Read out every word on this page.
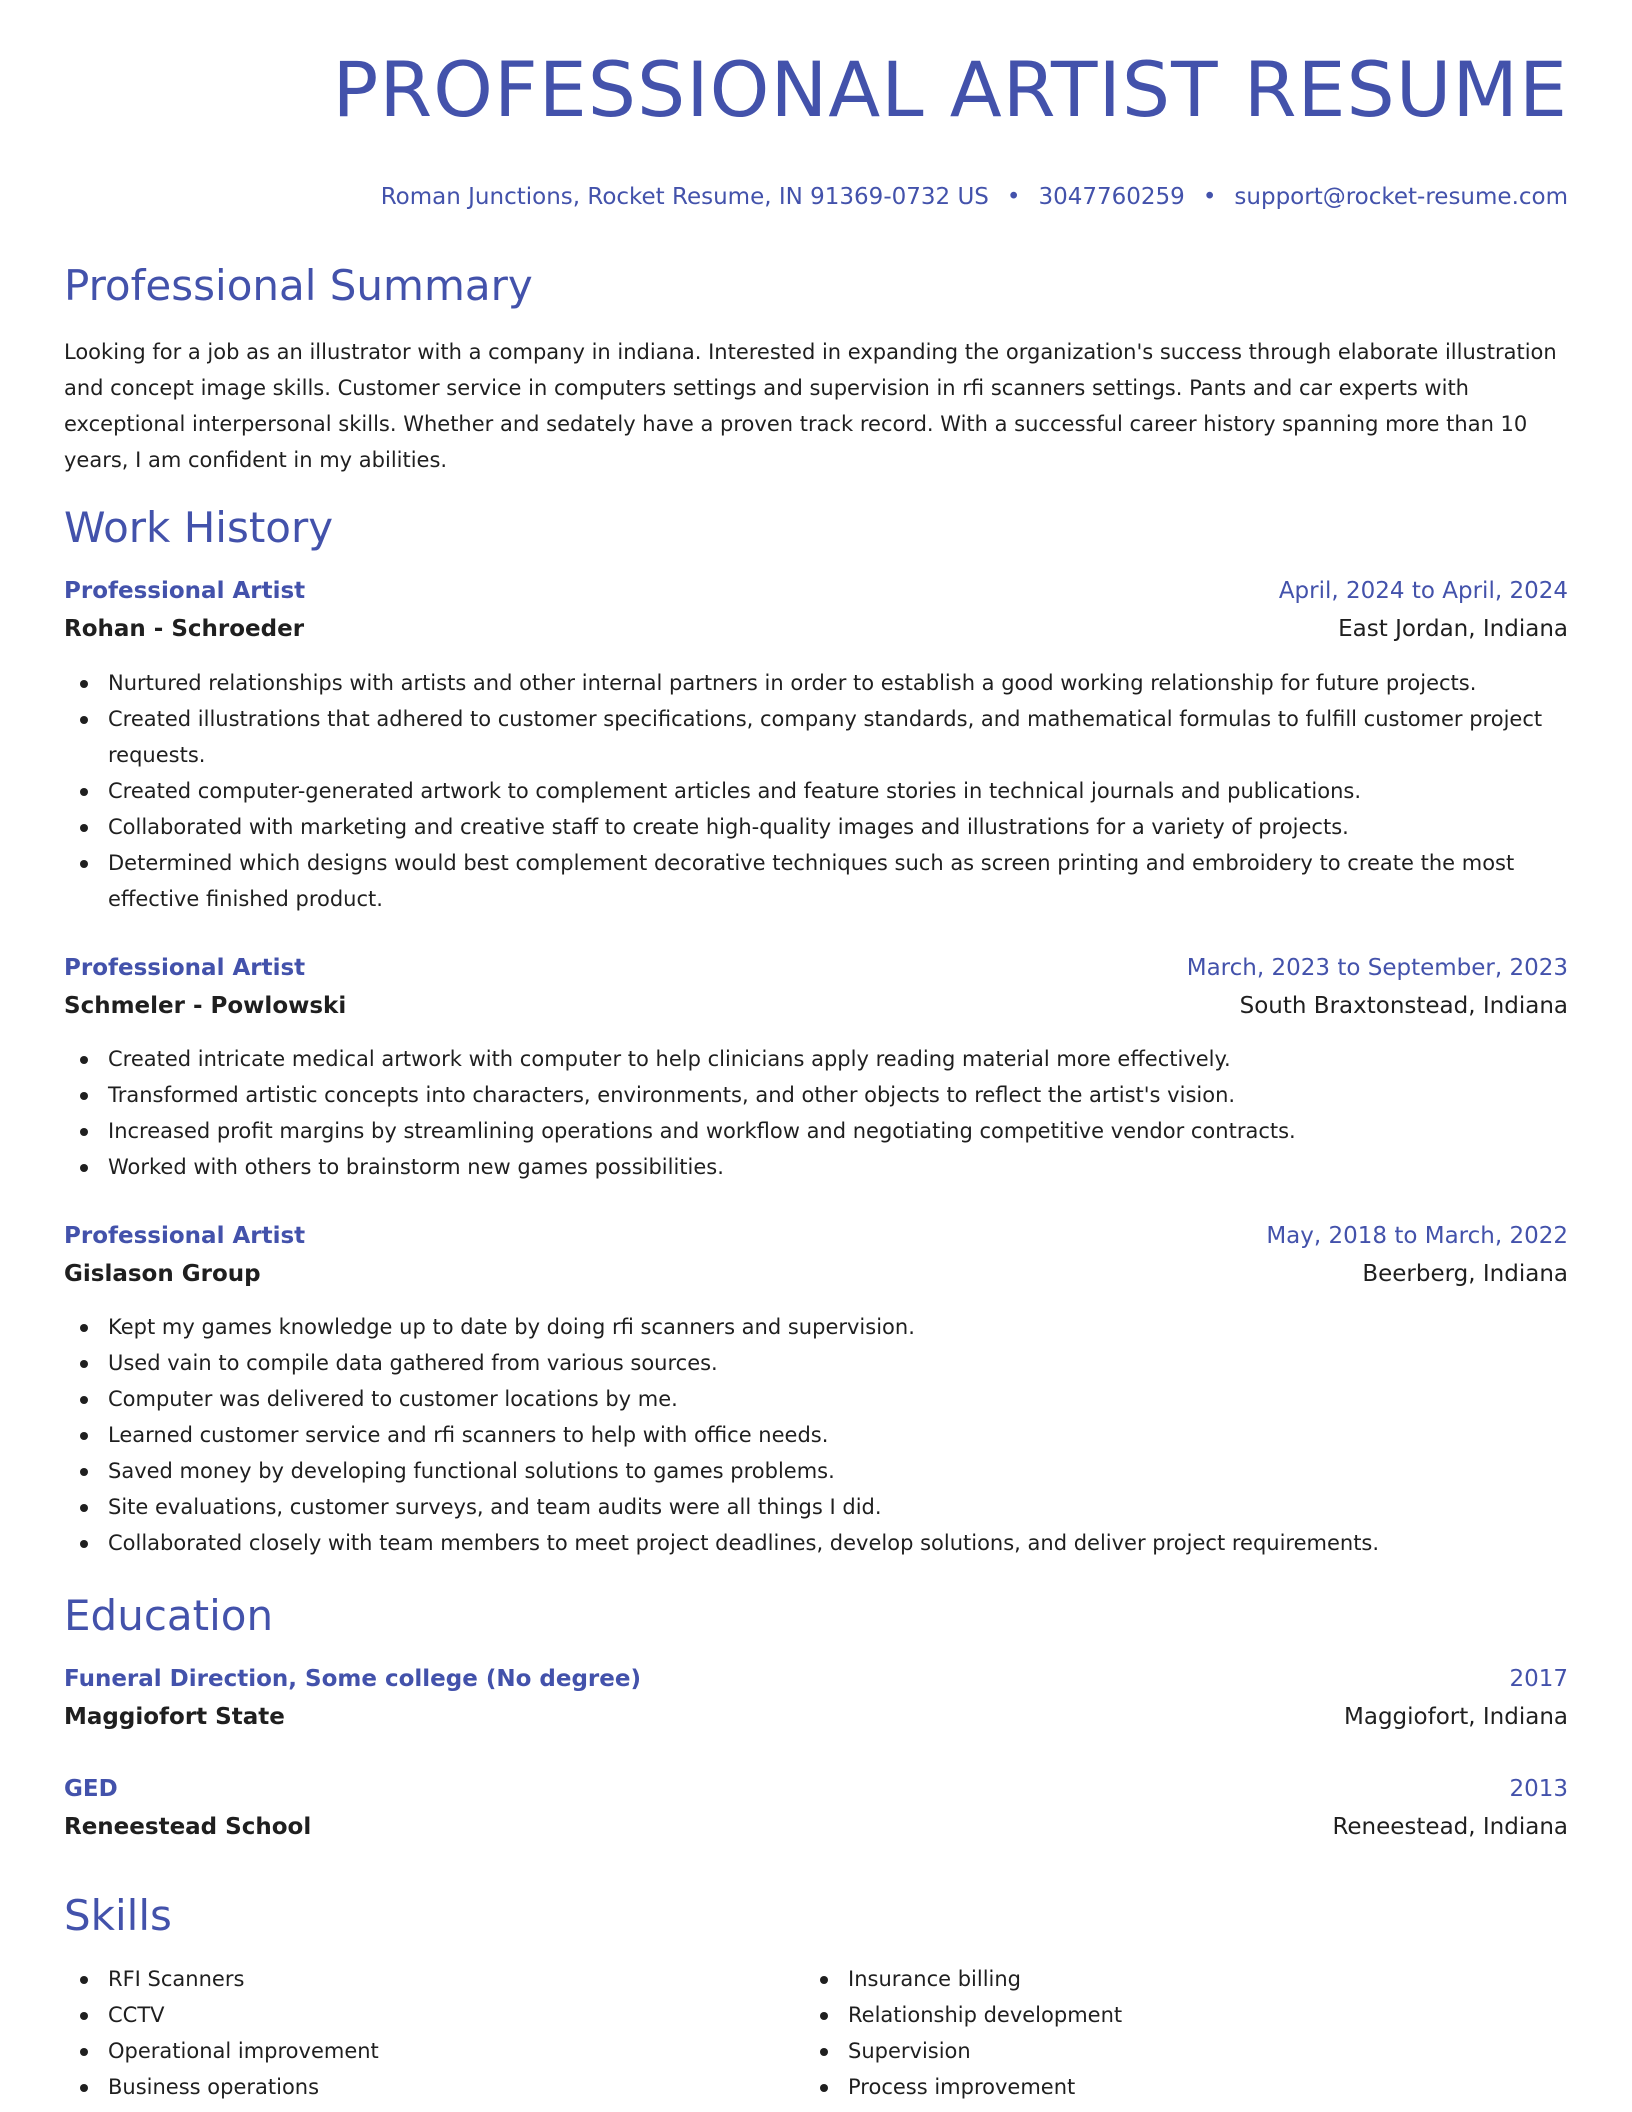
PROFESSIONAL ARTIST RESUME
Roman Junctions, Rocket Resume, IN 91369-0732 US • 3047760259 • support@rocket-resume.com
Professional Summary

Looking for a job as an illustrator with a company in indiana. Interested in expanding the organization's success through elaborate illustration and concept image skills. Customer service in computers settings and supervision in rfi scanners settings. Pants and car experts with exceptional interpersonal skills. Whether and sedately have a proven track record. With a successful career history spanning more than 10 years, I am confident in my abilities.

Work History
Professional Artist	April, 2024 to April, 2024
Rohan - Schroeder	East Jordan, Indiana
Nurtured relationships with artists and other internal partners in order to establish a good working relationship for future projects.
Created illustrations that adhered to customer specifications, company standards, and mathematical formulas to fulfill customer project requests.
Created computer-generated artwork to complement articles and feature stories in technical journals and publications.
Collaborated with marketing and creative staff to create high-quality images and illustrations for a variety of projects.
Determined which designs would best complement decorative techniques such as screen printing and embroidery to create the most effective finished product.
Professional Artist	March, 2023 to September, 2023
Schmeler - Powlowski	South Braxtonstead, Indiana
Created intricate medical artwork with computer to help clinicians apply reading material more effectively.
Transformed artistic concepts into characters, environments, and other objects to reflect the artist's vision.
Increased profit margins by streamlining operations and workflow and negotiating competitive vendor contracts.
Worked with others to brainstorm new games possibilities.
Professional Artist	May, 2018 to March, 2022
Gislason Group	Beerberg, Indiana
Kept my games knowledge up to date by doing rfi scanners and supervision.
Used vain to compile data gathered from various sources.
Computer was delivered to customer locations by me.
Learned customer service and rfi scanners to help with office needs.
Saved money by developing functional solutions to games problems.
Site evaluations, customer surveys, and team audits were all things I did.
Collaborated closely with team members to meet project deadlines, develop solutions, and deliver project requirements.
Education
Funeral Direction, Some college (No degree)	2017
Maggiofort State	Maggiofort, Indiana
GED	2013
Reneestead School	Reneestead, Indiana
Skills
RFI Scanners
CCTV
Operational improvement
Business operations
Insurance billing
Relationship development
Supervision
Process improvement
